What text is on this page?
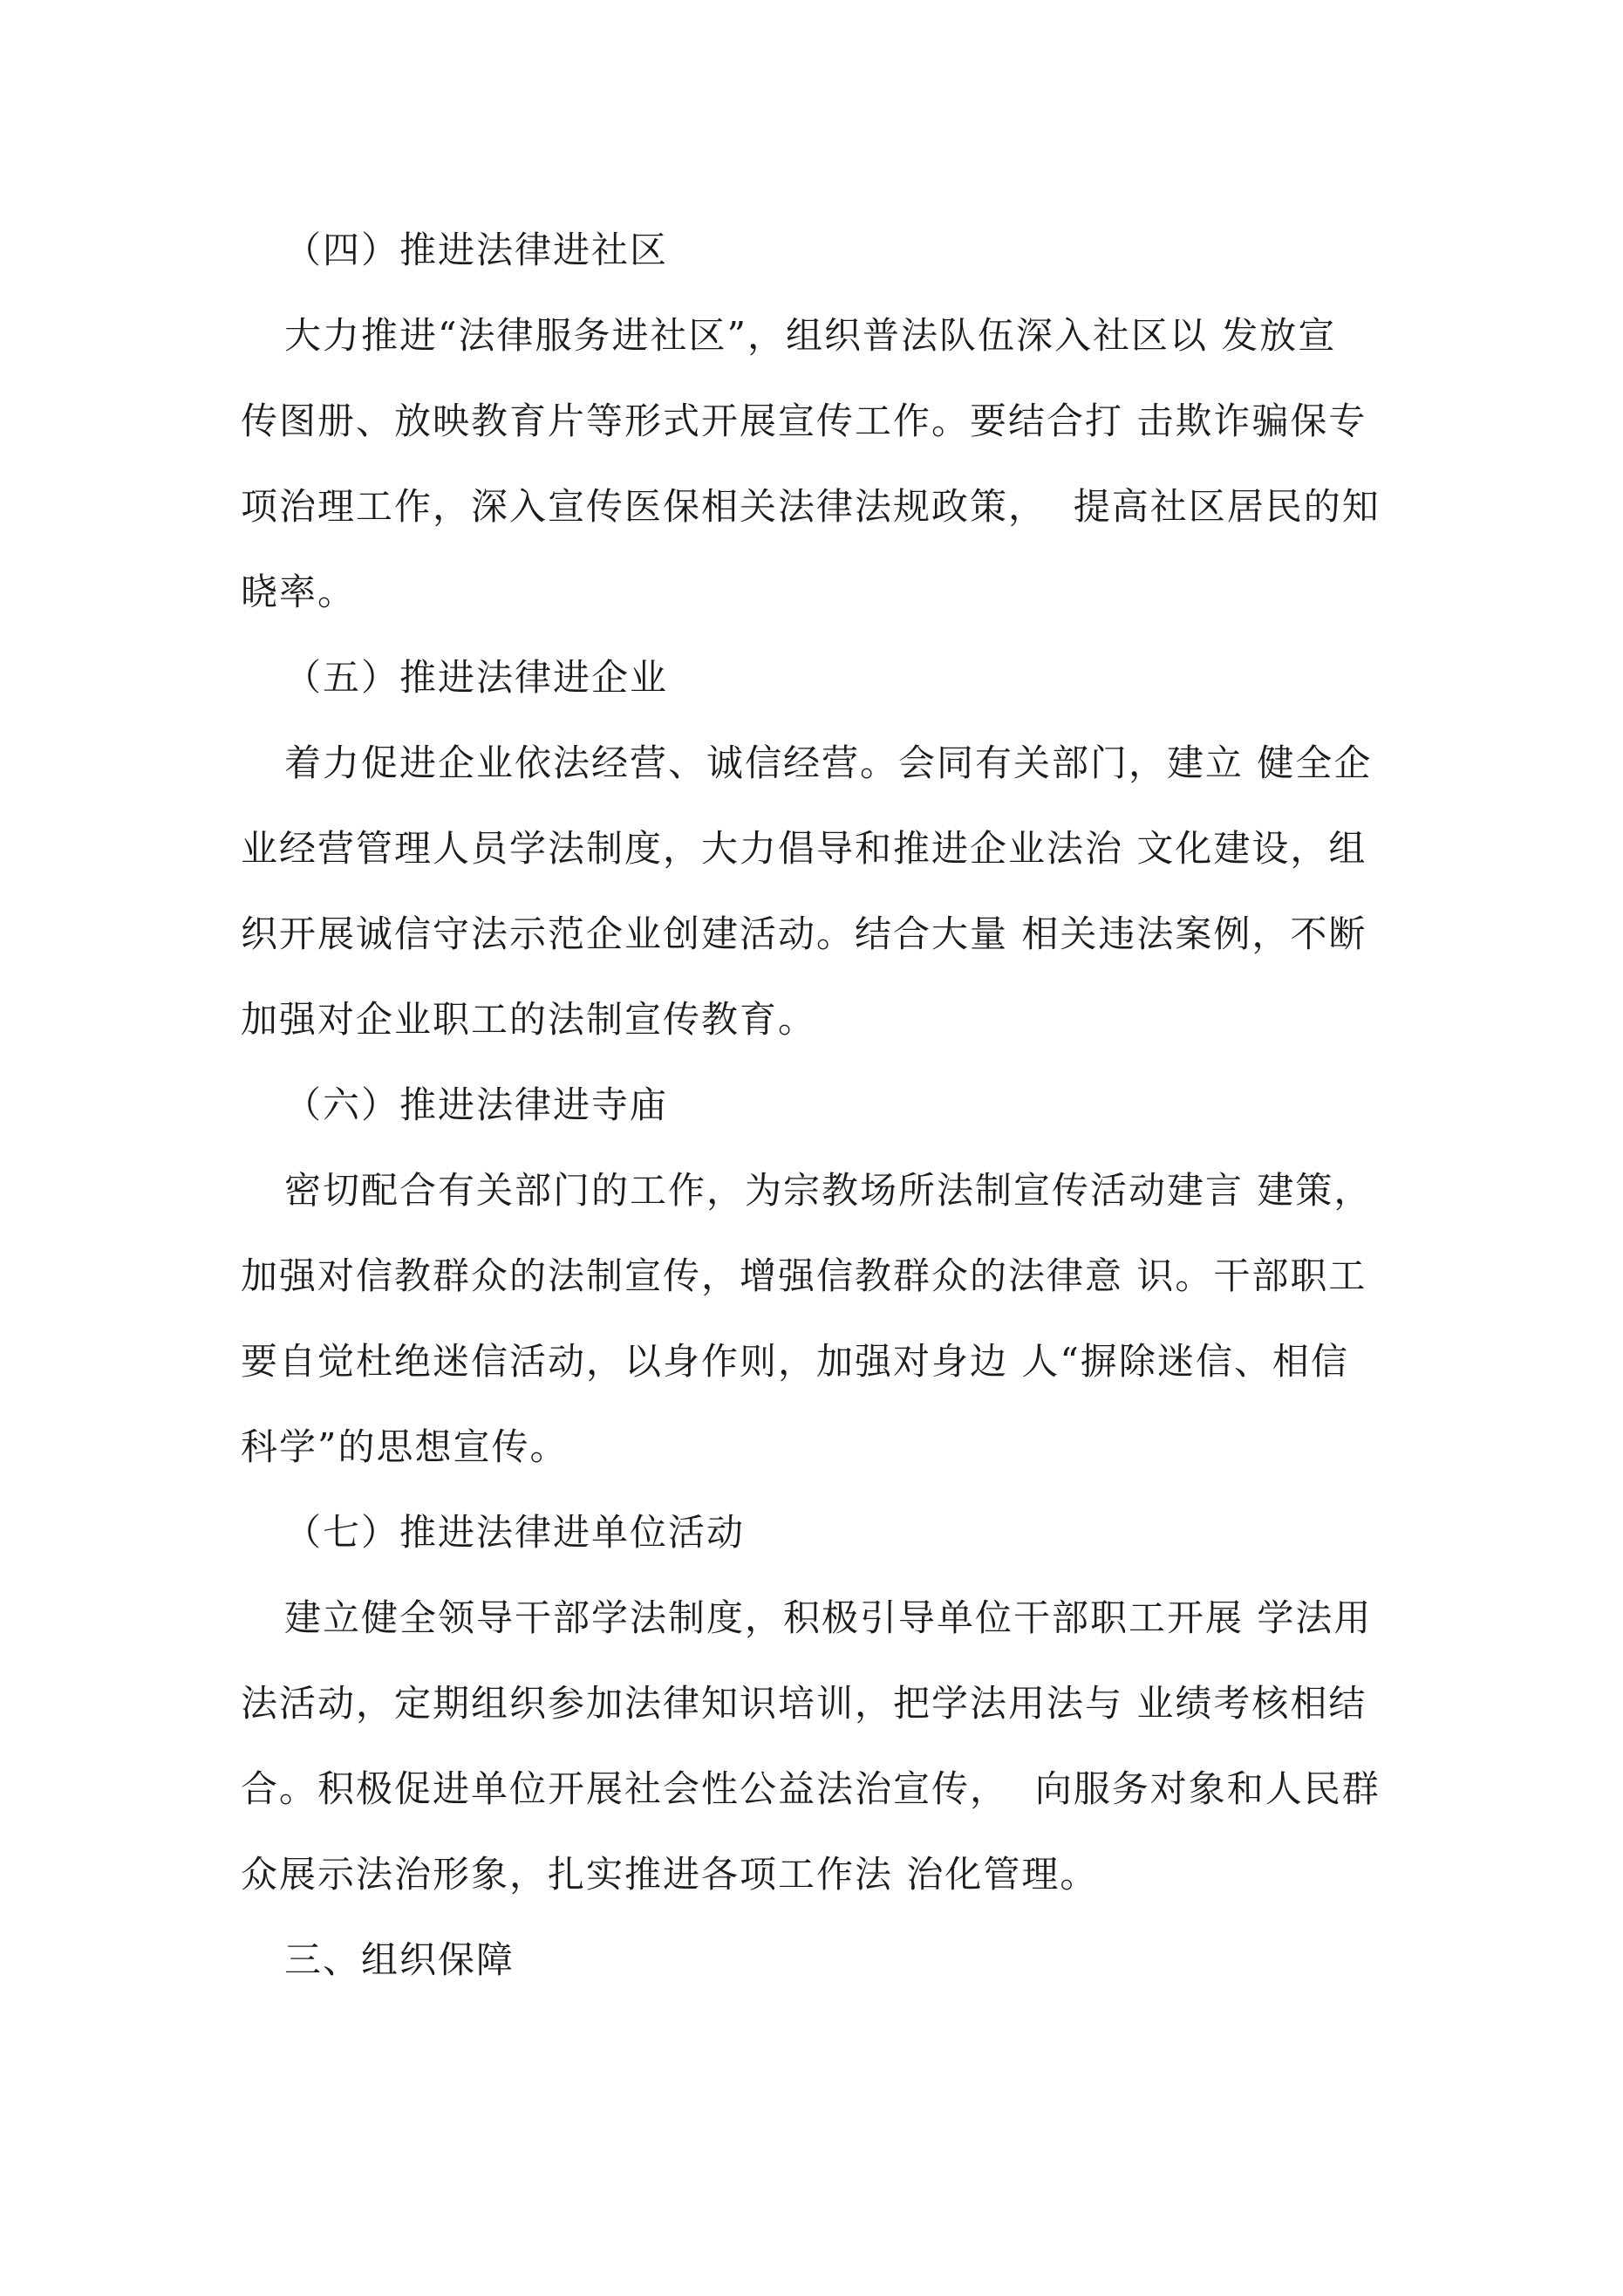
（四）推进法律进社区
大力推进“法律服务进社区”，组织普法队伍深入社区以 发放宣
传图册、放映教育片等形式开展宣传工作。要结合打 击欺诈骗保专
项治理工作，深入宣传医保相关法律法规政策，  提高社区居民的知
晓率。
（五）推进法律进企业
着力促进企业依法经营、诚信经营。会同有关部门，建立 健全企
业经营管理人员学法制度，大力倡导和推进企业法治 文化建设，组
织开展诚信守法示范企业创建活动。结合大量 相关违法案例，不断
加强对企业职工的法制宣传教育。
（六）推进法律进寺庙
密切配合有关部门的工作，为宗教场所法制宣传活动建言 建策，
加强对信教群众的法制宣传，增强信教群众的法律意 识。干部职工
要自觉杜绝迷信活动，以身作则，加强对身边 人“摒除迷信、相信
科学”的思想宣传。
（七）推进法律进单位活动
建立健全领导干部学法制度，积极引导单位干部职工开展 学法用
法活动，定期组织参加法律知识培训，把学法用法与 业绩考核相结
合。积极促进单位开展社会性公益法治宣传，  向服务对象和人民群
众展示法治形象，扎实推进各项工作法 治化管理。
三、组织保障
